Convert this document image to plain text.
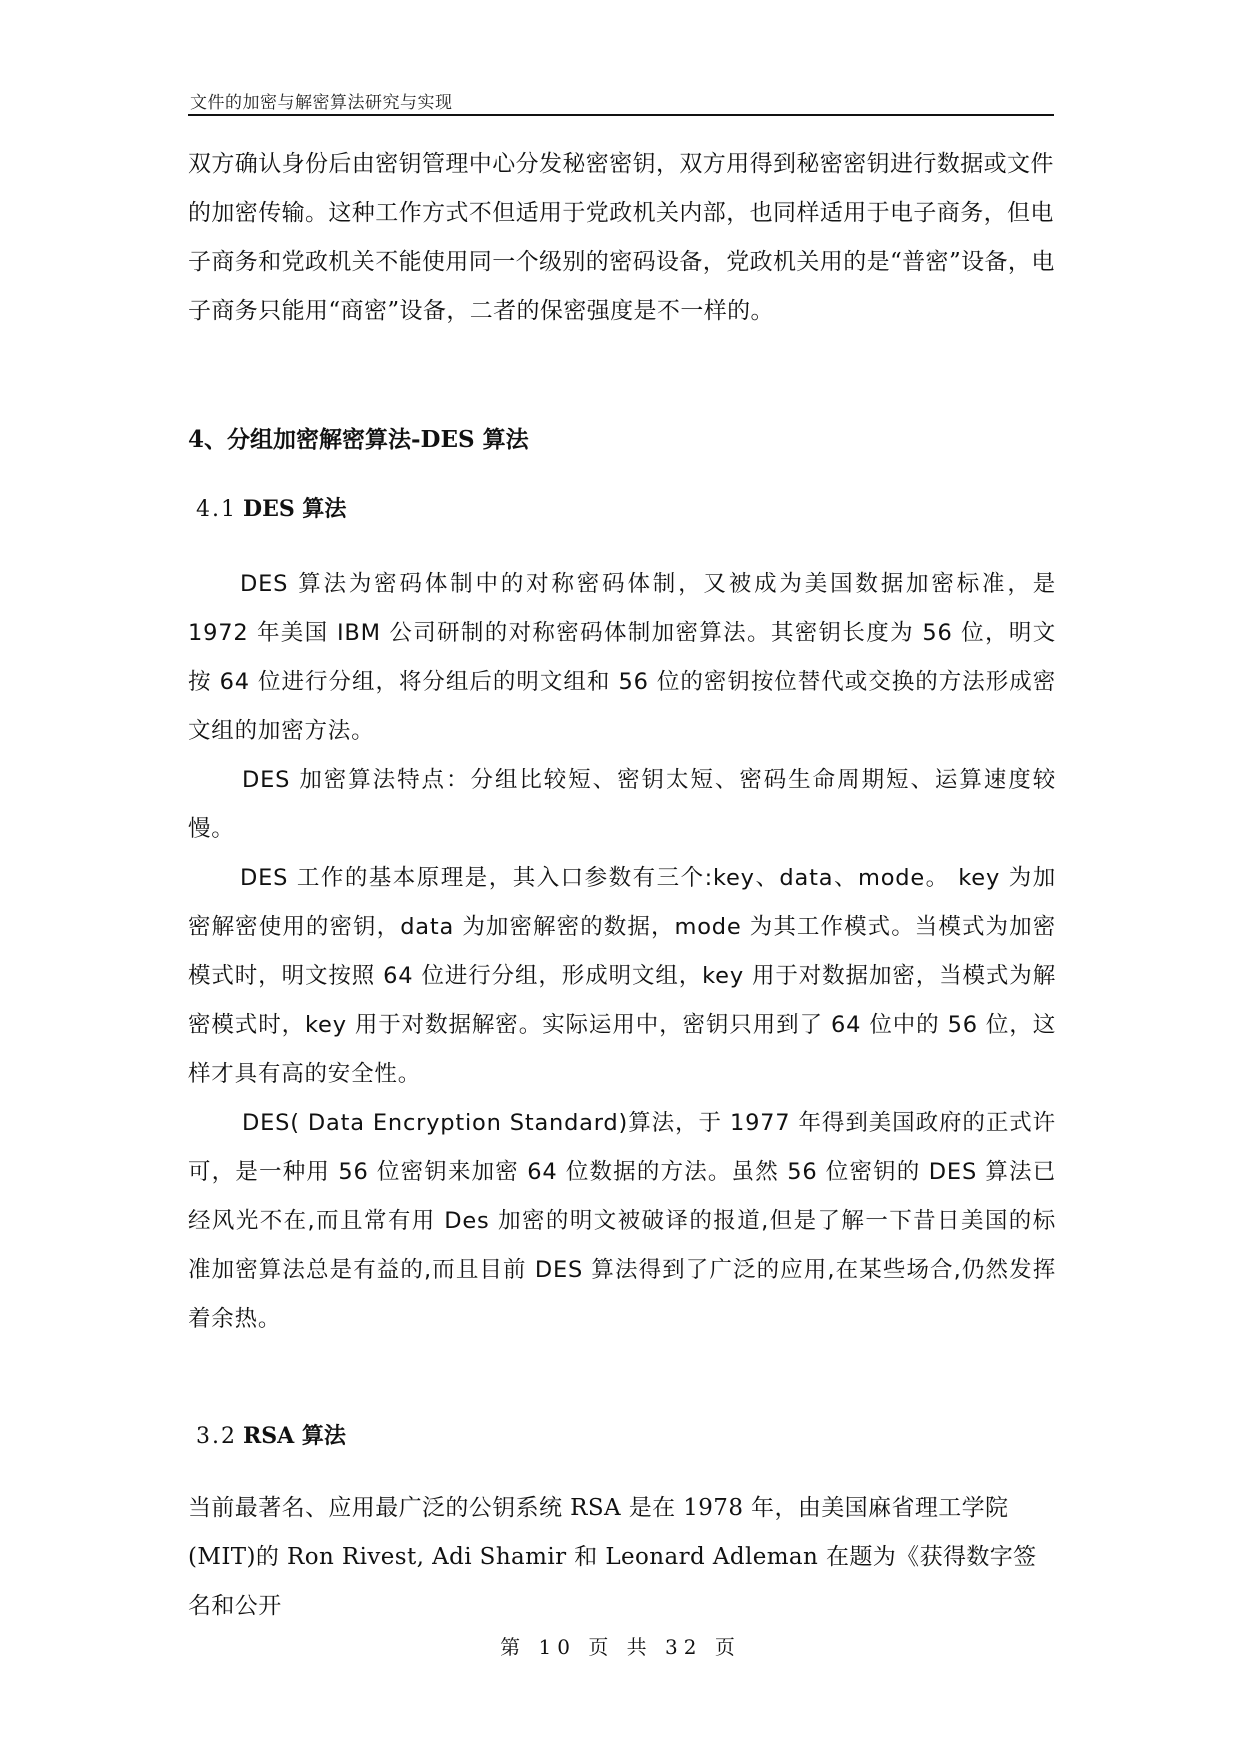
文件的加密与解密算法研究与实现

双方确认身份后由密钥管理中心分发秘密密钥，双方用得到秘密密钥进行数据或文件的加密传输。这种工作方式不但适用于党政机关内部，也同样适用于电子商务，但电子商务和党政机关不能使用同一个级别的密码设备，党政机关用的是“普密”设备，电子商务只能用“商密”设备，二者的保密强度是不一样的。

4、分组加密解密算法-DES 算法
4.1 DES 算法

DES 算法为密码体制中的对称密码体制，又被成为美国数据加密标准，是 1972 年美国 IBM 公司研制的对称密码体制加密算法。其密钥长度为 56 位，明文按 64 位进行分组，将分组后的明文组和 56 位的密钥按位替代或交换的方法形成密文组的加密方法。

DES 加密算法特点：分组比较短、密钥太短、密码生命周期短、运算速度较慢。

DES 工作的基本原理是，其入口参数有三个:key、data、mode。 key 为加密解密使用的密钥，data 为加密解密的数据，mode 为其工作模式。当模式为加密模式时，明文按照 64 位进行分组，形成明文组，key 用于对数据加密，当模式为解密模式时，key 用于对数据解密。实际运用中，密钥只用到了 64 位中的 56 位，这样才具有高的安全性。

DES( Data Encryption Standard)算法，于 1977 年得到美国政府的正式许可，是一种用 56 位密钥来加密 64 位数据的方法。虽然 56 位密钥的 DES 算法已经风光不在,而且常有用 Des 加密的明文被破译的报道,但是了解一下昔日美国的标准加密算法总是有益的,而且目前 DES 算法得到了广泛的应用,在某些场合,仍然发挥着余热。

3.2 RSA 算法

当前最著名、应用最广泛的公钥系统 RSA 是在 1978 年，由美国麻省理工学院(MIT)的 Ron Rivest, Adi Shamir 和 Leonard Adleman 在题为《获得数字签名和公开

第 10 页 共 32 页
